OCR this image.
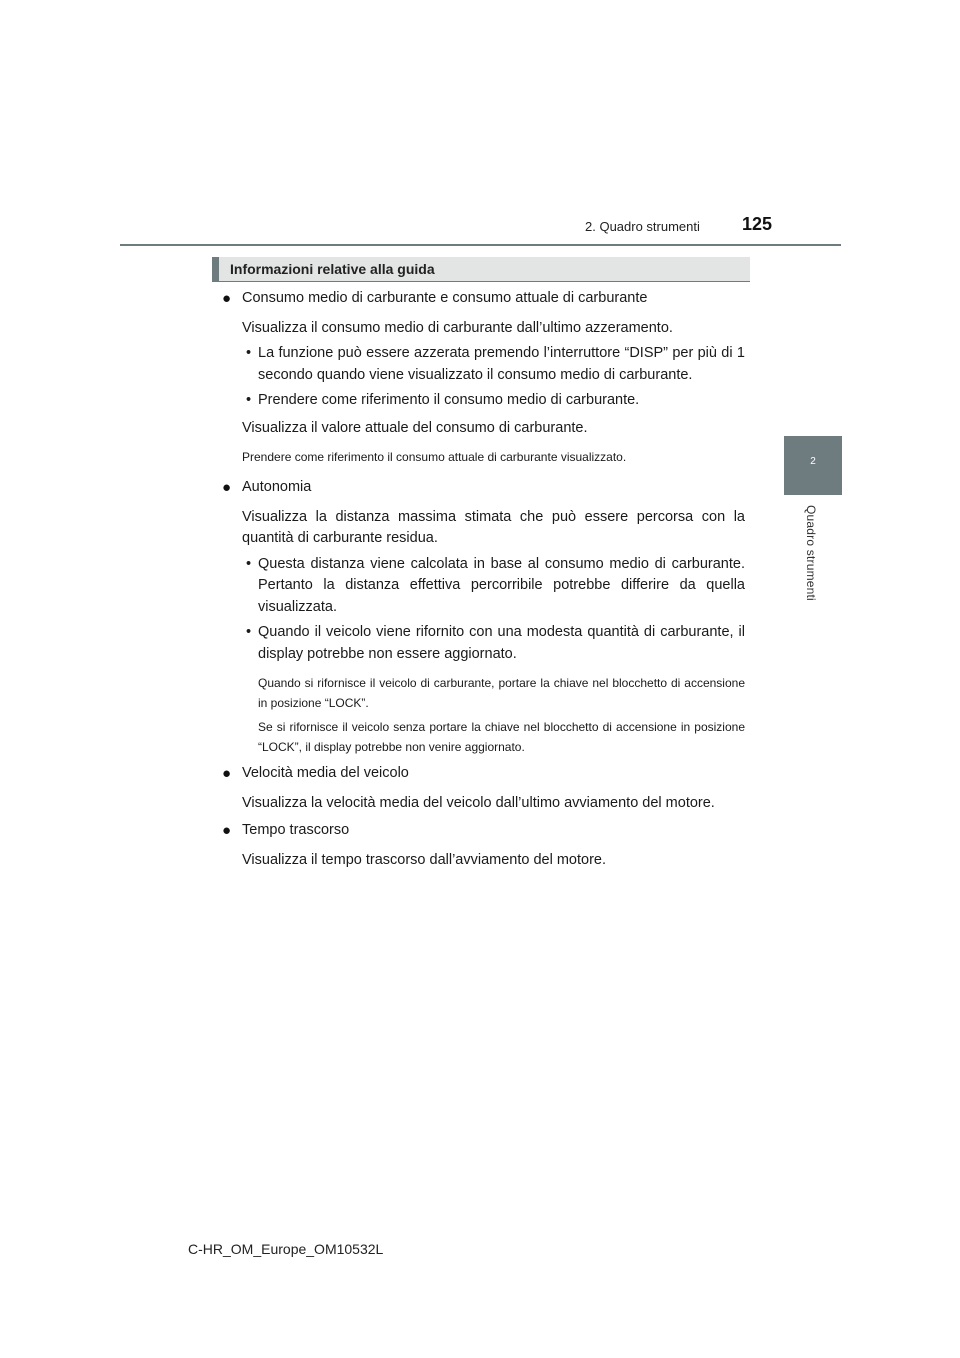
2. Quadro strumenti 125
2
Quadro strumenti
Informazioni relative alla guida
● Consumo medio di carburante e consumo attuale di carburante
Visualizza il consumo medio di carburante dall’ultimo azzeramento.
• La funzione può essere azzerata premendo l’interruttore “DISP” per più di 1 secondo quando viene visualizzato il consumo medio di carburante.
• Prendere come riferimento il consumo medio di carburante.
Visualizza il valore attuale del consumo di carburante.
Prendere come riferimento il consumo attuale di carburante visualizzato.
● Autonomia
Visualizza la distanza massima stimata che può essere percorsa con la quantità di carburante residua.
• Questa distanza viene calcolata in base al consumo medio di carburante. Pertanto la distanza effettiva percorribile potrebbe differire da quella visualizzata.
• Quando il veicolo viene rifornito con una modesta quantità di carburante, il display potrebbe non essere aggiornato.
Quando si rifornisce il veicolo di carburante, portare la chiave nel blocchetto di accensione in posizione “LOCK”.
Se si rifornisce il veicolo senza portare la chiave nel blocchetto di accensione in posizione “LOCK”, il display potrebbe non venire aggiornato.
● Velocità media del veicolo
Visualizza la velocità media del veicolo dall’ultimo avviamento del motore.
● Tempo trascorso
Visualizza il tempo trascorso dall’avviamento del motore.
C-HR_OM_Europe_OM10532L
